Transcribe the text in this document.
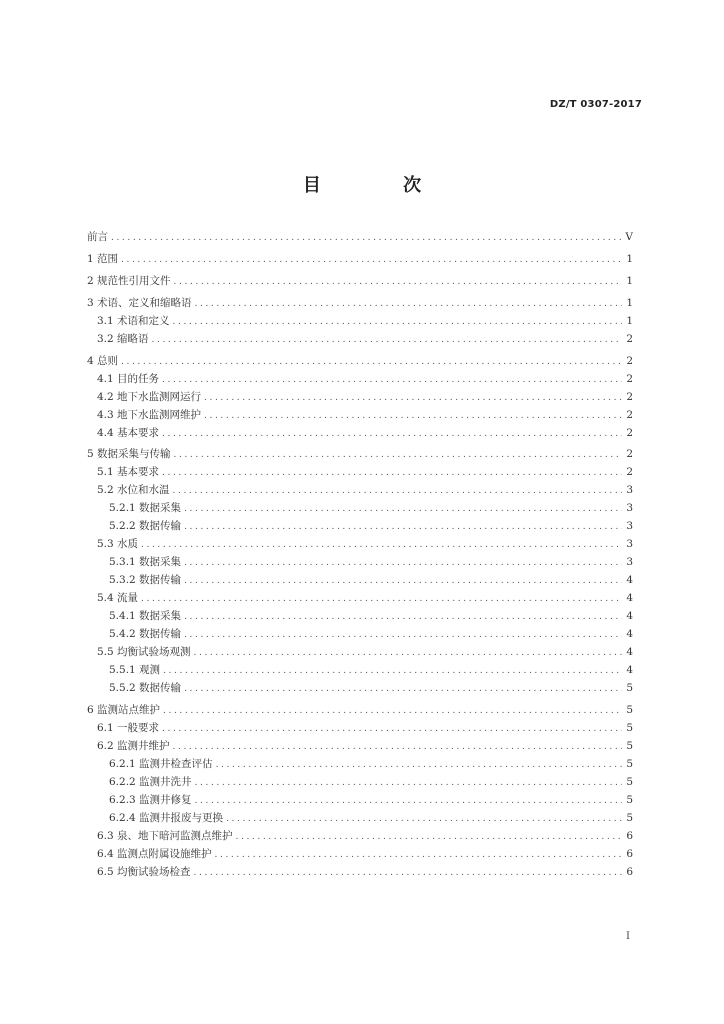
DZ/T 0307-2017
目 次
前言 .....	V
1 范围 .....	1
2 规范性引用文件 .....	1
3 术语、定义和缩略语 .....	1
3.1 术语和定义 .....	1
3.2 缩略语 .....	2
4 总则 .....	2
4.1 目的任务 .....	2
4.2 地下水监测网运行 .....	2
4.3 地下水监测网维护 .....	2
4.4 基本要求 .....	2
5 数据采集与传输 .....	2
5.1 基本要求 .....	2
5.2 水位和水温 .....	3
5.2.1 数据采集 .....	3
5.2.2 数据传输 .....	3
5.3 水质 .....	3
5.3.1 数据采集 .....	3
5.3.2 数据传输 .....	4
5.4 流量 .....	4
5.4.1 数据采集 .....	4
5.4.2 数据传输 .....	4
5.5 均衡试验场观测 .....	4
5.5.1 观测 .....	4
5.5.2 数据传输 .....	5
6 监测站点维护 .....	5
6.1 一般要求 .....	5
6.2 监测井维护 .....	5
6.2.1 监测井检查评估 .....	5
6.2.2 监测井洗井 .....	5
6.2.3 监测井修复 .....	5
6.2.4 监测井报废与更换 .....	5
6.3 泉、地下暗河监测点维护 .....	6
6.4 监测点附属设施维护 .....	6
6.5 均衡试验场检查 .....	6
I
